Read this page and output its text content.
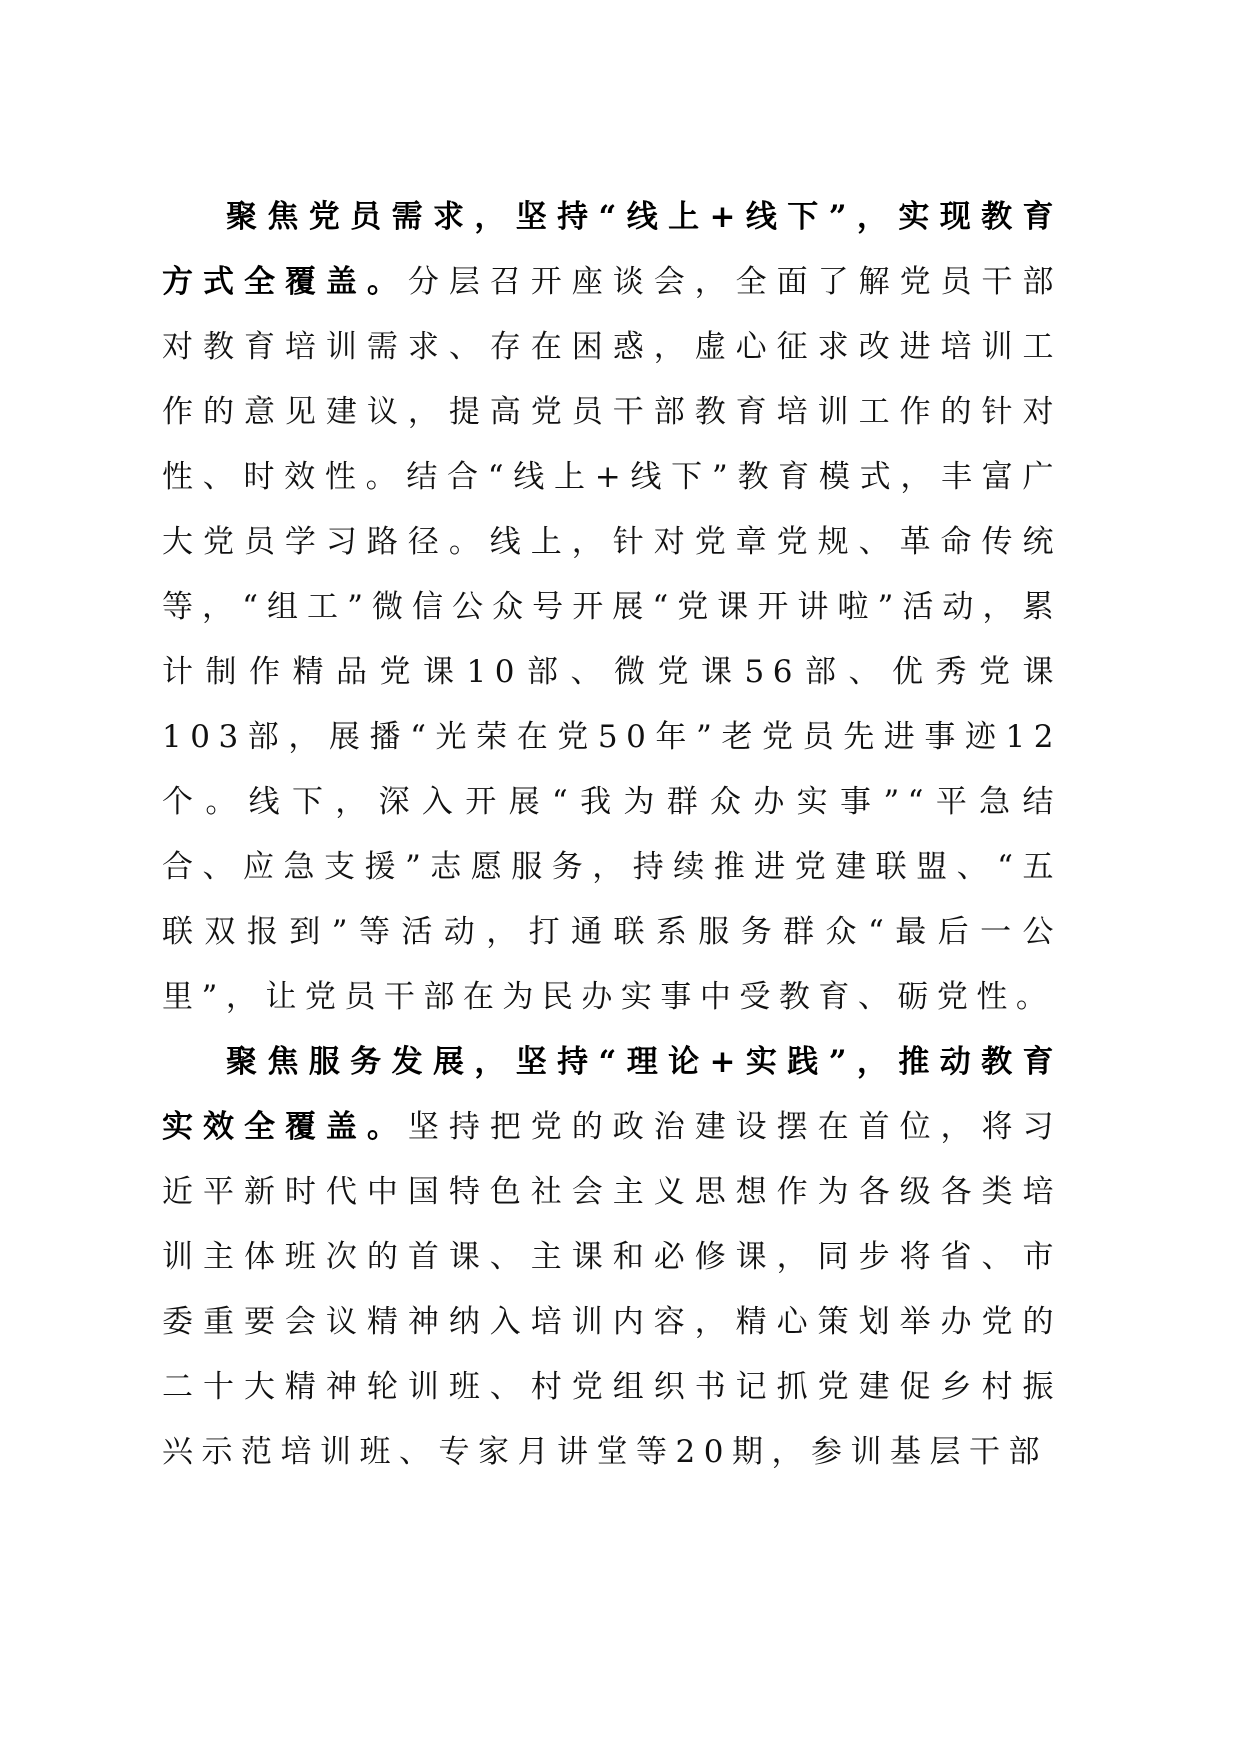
聚焦党员需求，坚持“线上+线下”，实现教育方式全覆盖。分层召开座谈会，全面了解党员干部对教育培训需求、存在困惑，虚心征求改进培训工作的意见建议，提高党员干部教育培训工作的针对性、时效性。结合“线上+线下”教育模式，丰富广大党员学习路径。线上，针对党章党规、革命传统等，“组工”微信公众号开展“党课开讲啦”活动，累计制作精品党课10部、微党课56部、优秀党课103部，展播“光荣在党50年”老党员先进事迹12个。线下，深入开展“我为群众办实事”“平急结合、应急支援”志愿服务，持续推进党建联盟、“五联双报到”等活动，打通联系服务群众“最后一公里”，让党员干部在为民办实事中受教育、砺党性。

聚焦服务发展，坚持“理论+实践”，推动教育实效全覆盖。坚持把党的政治建设摆在首位，将习近平新时代中国特色社会主义思想作为各级各类培训主体班次的首课、主课和必修课，同步将省、市委重要会议精神纳入培训内容，精心策划举办党的二十大精神轮训班、村党组织书记抓党建促乡村振兴示范培训班、专家月讲堂等20期，参训基层干部
